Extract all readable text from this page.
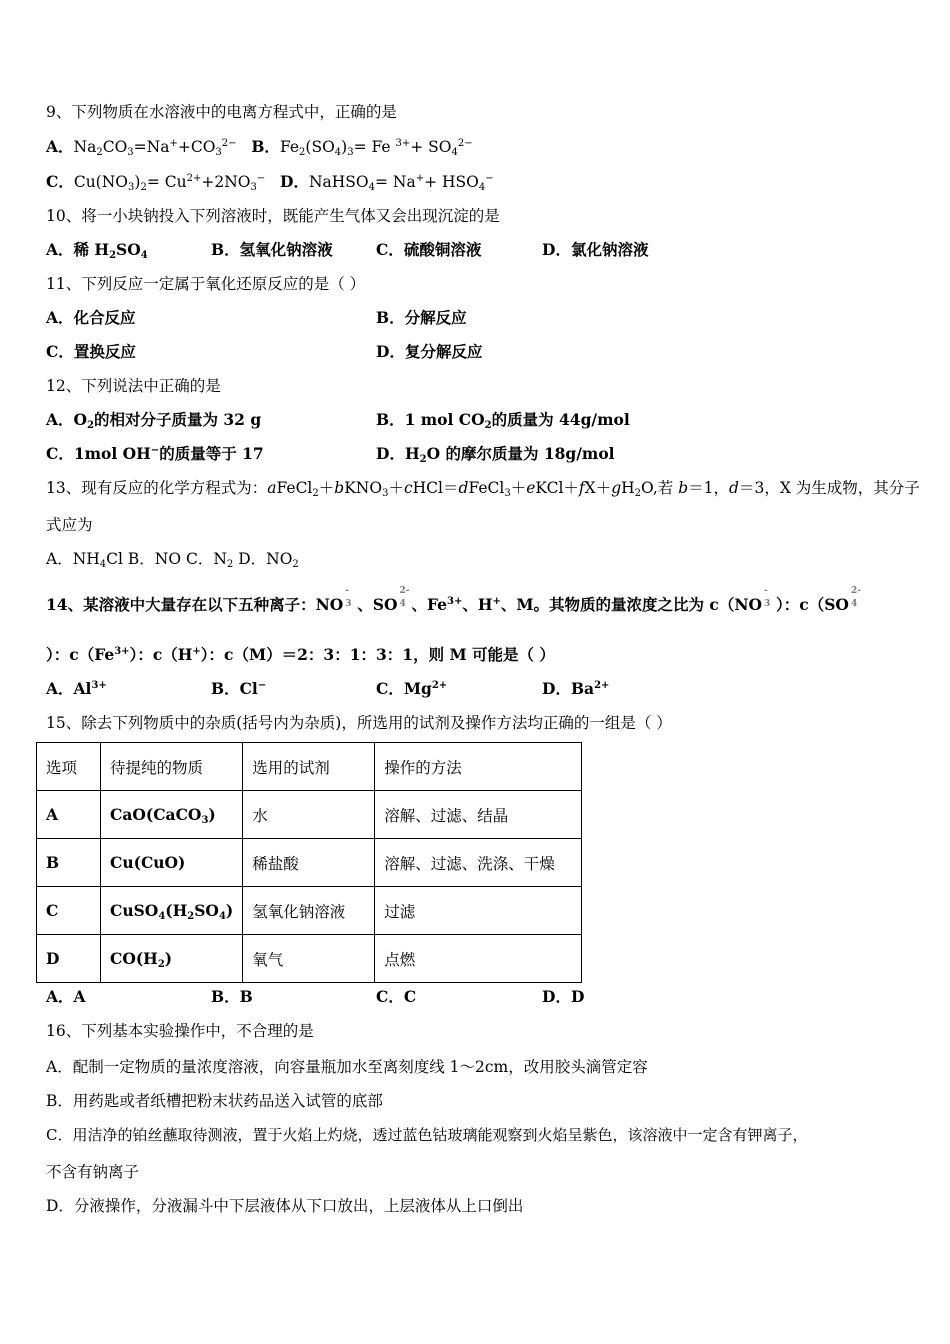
9、下列物质在水溶液中的电离方程式中，正确的是
A．$Na_2CO_3=Na^++CO_3^{2-}$ B．$Fe_2(SO_4)_3= Fe$ $^{3+}+ SO_4^{2-}$
C．$Cu(NO_3)_2= Cu^{2+}+2NO_3^-$ D．NaHSO$_4$= $Na^++ HSO_4^-$
10、将一小块钠投入下列溶液时，既能产生气体又会出现沉淀的是
A．稀 $H_2SO_4$	B．氢氧化钠溶液	C．硫酸铜溶液	D．氯化钠溶液
11、下列反应一定属于氧化还原反应的是（ ）
A．化合反应	B．分解反应
C．置换反应	D．复分解反应
12、下列说法中正确的是
A．$O_2$的相对分子质量为 32 g	B．1 mol $CO_2$的质量为 44g/mol
C．1mol OH−的质量等于 17	D．$H_2O$ 的摩尔质量为 18g/mol
13、现有反应的化学方程式为：$aFeCl_2+bKNO_3+cHCl=dFeCl_3+eKCl+fX+gH_2O$,若 b＝1，d＝3，X 为生成物，其分子
式应为
A．$NH_4Cl$ B．NO C．$N_2$ D．$NO_2$
14、某溶液中大量存在以下五种离子：NO
-
3 、SO
2-
4 、$Fe^{3+}$、H+、M。其物质的量浓度之比为 c（NO
-
3 ）：c（SO
2-
4
）：$c(Fe^{3+})$：c（H+）：c（M）＝2：3：1：3：1，则 M 可能是（ ）
A．$Al^{3+}$	B．Cl−	C．$Mg^{2+}$	D．$Ba^{2+}$
15、除去下列物质中的杂质(括号内为杂质)，所选用的试剂及操作方法均正确的一组是（ ）
选项	待提纯的物质	选用的试剂	操作的方法
A	CaO(CaCO$_3$)	水	溶解、过滤、结晶
B	Cu(CuO)	稀盐酸	溶解、过滤、洗涤、干燥
C	$CuSO_4(H_2SO_4)$	氢氧化钠溶液	过滤
D	$CO(H_2)$	氧气	点燃
A．A	B．B	C．C	D．D
16、下列基本实验操作中，不合理的是
A．配制一定物质的量浓度溶液，向容量瓶加水至离刻度线 1～2cm，改用胶头滴管定容
B．用药匙或者纸槽把粉末状药品送入试管的底部
C．用洁净的铂丝蘸取待测液，置于火焰上灼烧，透过蓝色钴玻璃能观察到火焰呈紫色，该溶液中一定含有钾离子，
不含有钠离子
D．分液操作，分液漏斗中下层液体从下口放出，上层液体从上口倒出
